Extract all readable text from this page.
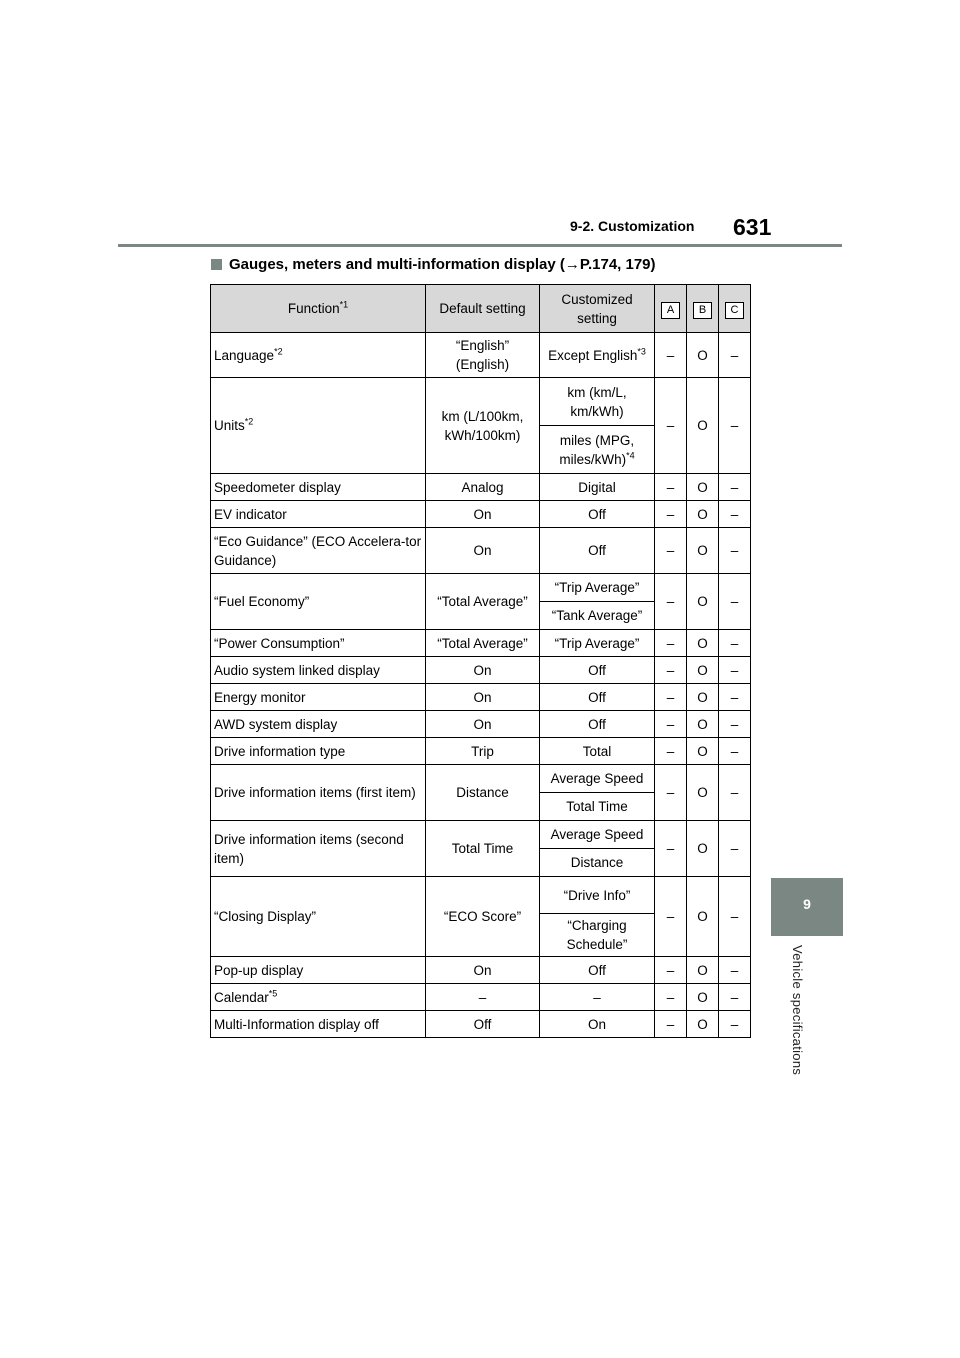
9-2. Customization 631
9
Vehicle specifications
Gauges, meters and multi-information display (→P.174, 179)
Function$^{*1}$	Default setting	Customized setting	A	B	C
Language$^{*2}$	“English” (English)	Except English$^{*3}$	–	O	–
Units$^{*2}$	km (L/100km, kWh/100km)	km (km/L, km/kWh)	–	O	–
		miles (MPG, miles/kWh)$^{*4}$
Speedometer display	Analog	Digital	–	O	–
EV indicator	On	Off	–	O	–
“Eco Guidance” (ECO Accelera-tor Guidance)	On	Off	–	O	–
“Fuel Economy”	“Total Average”	“Trip Average”	–	O	–
		“Tank Average”			
“Power Consumption”	“Total Average”	“Trip Average”	–	O	–
Audio system linked display	On	Off	–	O	–
Energy monitor	On	Off	–	O	–
AWD system display	On	Off	–	O	–
Drive information type	Trip	Total	–	O	–
Drive information items (first item)	Distance	Average Speed	–	O	–
		Total Time			
Drive information items (second item)	Total Time	Average Speed	–	O	–
		Distance			
“Closing Display”	“ECO Score”	“Drive Info”	–	O	–
		“Charging Schedule”			
Pop-up display	On	Off	–	O	–
Calendar$^{*5}$	–	–	–	O	–
Multi-Information display off	Off	On	–	O	–
